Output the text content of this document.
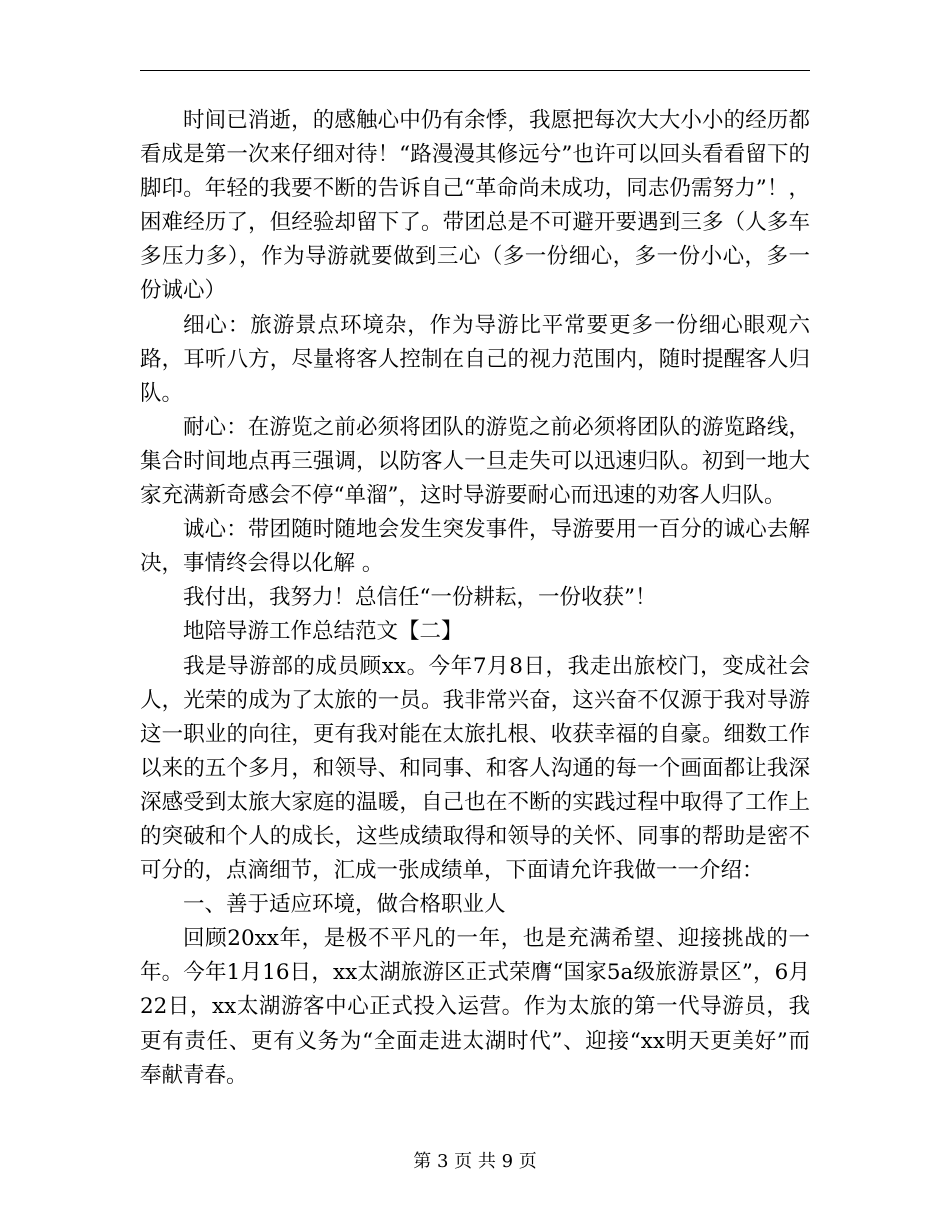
时间已消逝，的感触心中仍有余悸，我愿把每次大大小小的经历都看成是第一次来仔细对待！“路漫漫其修远兮”也许可以回头看看留下的脚印。年轻的我要不断的告诉自己“革命尚未成功，同志仍需努力”！，困难经历了，但经验却留下了。带团总是不可避开要遇到三多（人多车多压力多），作为导游就要做到三心（多一份细心，多一份小心，多一份诚心）

细心：旅游景点环境杂，作为导游比平常要更多一份细心眼观六路，耳听八方，尽量将客人控制在自己的视力范围内，随时提醒客人归队。

耐心：在游览之前必须将团队的游览之前必须将团队的游览路线，集合时间地点再三强调，以防客人一旦走失可以迅速归队。初到一地大家充满新奇感会不停“单溜”，这时导游要耐心而迅速的劝客人归队。

诚心：带团随时随地会发生突发事件，导游要用一百分的诚心去解决，事情终会得以化解 。

我付出，我努力！总信任“一份耕耘，一份收获”！

地陪导游工作总结范文【二】

我是导游部的成员顾xx。今年7月8日，我走出旅校门，变成社会人，光荣的成为了太旅的一员。我非常兴奋，这兴奋不仅源于我对导游这一职业的向往，更有我对能在太旅扎根、收获幸福的自豪。细数工作以来的五个多月，和领导、和同事、和客人沟通的每一个画面都让我深深感受到太旅大家庭的温暖，自己也在不断的实践过程中取得了工作上的突破和个人的成长，这些成绩取得和领导的关怀、同事的帮助是密不可分的，点滴细节，汇成一张成绩单，下面请允许我做一一介绍：

一、善于适应环境，做合格职业人

回顾20xx年，是极不平凡的一年，也是充满希望、迎接挑战的一年。今年1月16日，xx太湖旅游区正式荣膺“国家5a级旅游景区”，6月22日，xx太湖游客中心正式投入运营。作为太旅的第一代导游员，我更有责任、更有义务为“全面走进太湖时代”、迎接“xx明天更美好”而奉献青春。

第 3 页 共 9 页
